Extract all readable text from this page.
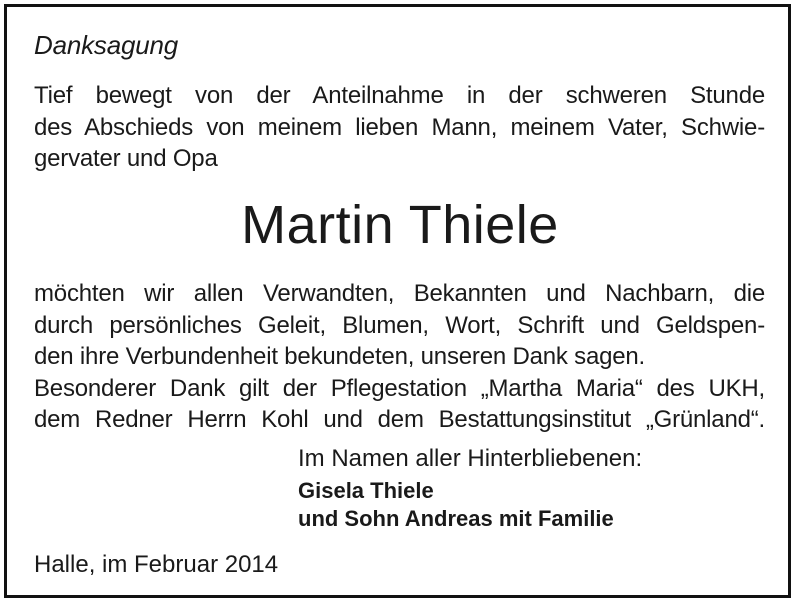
Danksagung

Tief bewegt von der Anteilnahme in der schweren Stunde
des Abschieds von meinem lieben Mann, meinem Vater, Schwie-
gervater und Opa

Martin Thiele

möchten wir allen Verwandten, Bekannten und Nachbarn, die
durch persönliches Geleit, Blumen, Wort, Schrift und Geldspen-
den ihre Verbundenheit bekundeten, unseren Dank sagen.
Besonderer Dank gilt der Pflegestation „Martha Maria“ des UKH,
dem Redner Herrn Kohl und dem Bestattungsinstitut „Grünland“.

Im Namen aller Hinterbliebenen:

Gisela Thiele
und Sohn Andreas mit Familie

Halle, im Februar 2014
